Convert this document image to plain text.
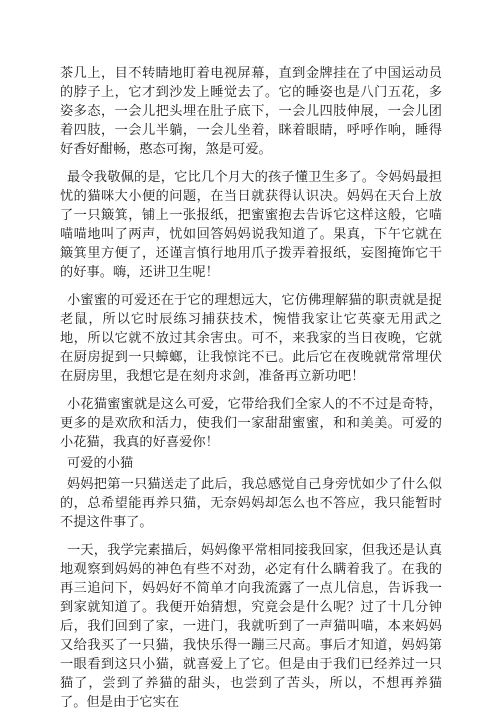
茶几上，目不转睛地盯着电视屏幕，直到金牌挂在了中国运动员的脖子上，它才到沙发上睡觉去了。它的睡姿也是八门五花，多姿多态，一会儿把头埋在肚子底下，一会儿四肢伸展，一会儿团着四肢，一会儿半躺，一会儿坐着，眯着眼睛，呼呼作响，睡得好香好酣畅，憨态可掬，煞是可爱。

最令我敬佩的是，它比几个月大的孩子懂卫生多了。令妈妈最担忧的猫咪大小便的问题，在当日就获得认识决。妈妈在天台上放了一只簸箕，铺上一张报纸，把蜜蜜抱去告诉它这样这般，它喵喵喵地叫了两声，忧如回答妈妈说我知道了。果真，下午它就在簸箕里方便了，还谨言慎行地用爪子拨弄着报纸，妄图掩饰它干的好事。嗨，还讲卫生呢！

小蜜蜜的可爱还在于它的理想远大，它仿佛理解猫的职责就是捉老鼠，所以它时辰练习捕获技术，惋惜我家让它英豪无用武之地，所以它就不放过其余害虫。可不，来我家的当日夜晚，它就在厨房捉到一只蟑螂，让我惊诧不已。此后它在夜晚就常常埋伏在厨房里，我想它是在刻舟求剑，准备再立新功吧！

小花猫蜜蜜就是这么可爱，它带给我们全家人的不不过是奇特，更多的是欢欣和活力，使我们一家甜甜蜜蜜，和和美美。可爱的小花猫，我真的好喜爱你！

可爱的小猫

妈妈把第一只猫送走了此后，我总感觉自己身旁忧如少了什么似的，总希望能再养只猫，无奈妈妈却怎么也不答应，我只能暂时不提这件事了。

一天，我学完素描后，妈妈像平常相同接我回家，但我还是认真地观察到妈妈的神色有些不对劲，必定有什么瞒着我了。在我的再三追问下，妈妈好不简单才向我流露了一点儿信息，告诉我一到家就知道了。我便开始猜想，究竟会是什么呢？过了十几分钟后，我们回到了家，一进门，我就听到了一声猫叫喵，本来妈妈又给我买了一只猫，我快乐得一蹦三尺高。事后才知道，妈妈第一眼看到这只小猫，就喜爱上了它。但是由于我们已经养过一只猫了，尝到了养猫的甜头，也尝到了苦头，所以，不想再养猫了。但是由于它实在
